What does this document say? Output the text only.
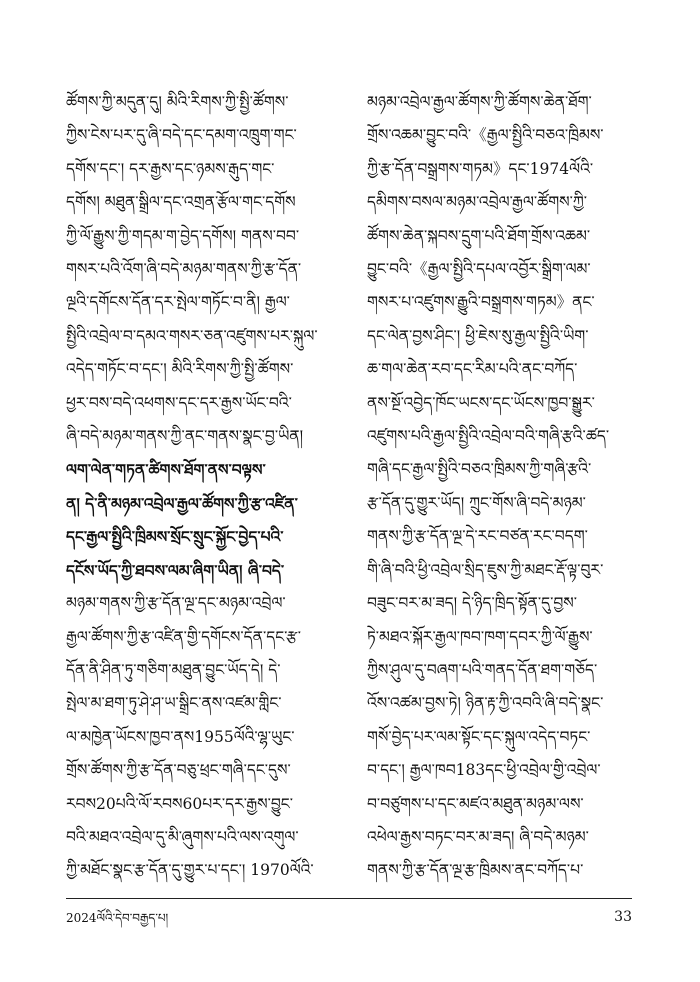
ཚོགས་ཀྱི་མདུན་དུ། མིའི་རིགས་ཀྱི་སྤྱི་ཚོགས་
ཀྱིས་ངེས་པར་དུ་ཞི་བདེ་དང་དམག་འཁྲུག་གང་
དགོས་དང་། དར་རྒྱས་དང་ཉམས་རྒུད་གང་
དགོས། མཐུན་སྒྲིལ་དང་འགྲན་རྩོལ་གང་དགོས
ཀྱི་ལོ་རྒྱུས་ཀྱི་གདམ་ག་བྱེད་དགོས། གནས་བབ་
གསར་པའི་འོག་ཞི་བདེ་མཉམ་གནས་ཀྱི་རྩ་དོན་
ལྔའི་དགོངས་དོན་དར་སྤེལ་གཏོང་བ་ནི། རྒྱལ་
སྤྱིའི་འབྲེལ་བ་དམའ་གསར་ཅན་འཛུགས་པར་སྐུལ་
འདེད་གཏོང་བ་དང་། མིའི་རིགས་ཀྱི་སྤྱི་ཚོགས་
ཕྱར་བས་བདེ་འཕགས་དང་དར་རྒྱས་ཡོང་བའི་
ཞི་བདེ་མཉམ་གནས་ཀྱི་ནང་གནས་སྣང་བྱ་ཡིན།
ལག་ལེན་གཏན་ཚིགས་ཐོག་ནས་བལྟས་
ན། དེ་ནི་མཉམ་འབྲེལ་རྒྱལ་ཚོགས་ཀྱི་རྩ་འཛིན་
དང་རྒྱལ་སྤྱིའི་ཁྲིམས་སྲོང་སྲུང་སྐྱོང་བྱེད་པའི་
དངོས་ཡོད་ཀྱི་ཐབས་ལམ་ཞིག་ཡིན། ཞི་བདེ་
མཉམ་གནས་ཀྱི་རྩ་དོན་ལྔ་དང་མཉམ་འབྲེལ་
རྒྱལ་ཚོགས་ཀྱི་རྩ་འཛིན་གྱི་དགོངས་དོན་དང་རྩ་
དོན་ནི་ཤིན་ཏུ་གཅིག་མཐུན་བྱུང་ཡོད་དེ། དེ་
སྤེལ་མ་ཐག་ཏུ་ཤེ་ཤ་ཡ་སྒྲིང་ནས་འཛམ་གླིང་
ལ་མཁྱེན་ཡོངས་ཁྱབ་ནས1955ལོའི་ལྷ་ཡུང་
གྲོས་ཚོགས་ཀྱི་རྩ་དོན་བཅུ་ཕྲང་གཞི་དང་དུས་
རབས20པའི་ལོ་རབས60པར་དར་རྒྱས་བྱུང་
བའི་མཐའ་འབྲེལ་དུ་མི་ཞུགས་པའི་ལས་འགུལ་
ཀྱི་མཐོང་སྣང་རྩ་དོན་དུ་གྱུར་པ་དང་། 1970ལོའི་
མཉམ་འབྲེལ་རྒྱལ་ཚོགས་ཀྱི་ཚོགས་ཆེན་ཐོག་
གྲོས་འཆམ་བྱུང་བའི་《རྒྱལ་སྤྱིའི་བཅའ་ཁྲིམས་
ཀྱི་རྩ་དོན་བསྒྲགས་གཏམ》དང་1974ལོའི་
དམིགས་བསལ་མཉམ་འབྲེལ་རྒྱལ་ཚོགས་ཀྱི་
ཚོགས་ཆེན་སྐབས་དྲུག་པའི་ཐོག་གྲོས་འཆམ་
བྱུང་བའི་《རྒྱལ་སྤྱིའི་དཔལ་འབྱོར་སྒྲིག་ལམ་
གསར་པ་འཛུགས་རྒྱུའི་བསྒྲགས་གཏམ》ནང་
དང་ལེན་བྱས་ཤིང་། ཕྱི་ཇེས་སུ་རྒྱལ་སྤྱིའི་ཡིག་
ཆ་གལ་ཆེན་རབ་དང་རིམ་པའི་ནང་བཀོད་
ནས་སྔོ་འབྱེད་ཁོང་ཡངས་དང་ཡོངས་ཁྱབ་སྒྱུར་
འཛུགས་པའི་རྒྱལ་སྤྱིའི་འབྲེལ་བའི་གཞི་རྩའི་ཚད་
གཞི་དང་རྒྱལ་སྤྱིའི་བཅའ་ཁྲིམས་ཀྱི་གཞི་རྩའི་
རྩ་དོན་དུ་གྱུར་ཡོད། ཀྲུང་གོས་ཞི་བདེ་མཉམ་
གནས་ཀྱི་རྩ་དོན་ལྔ་དེ་རང་བཙན་རང་བདག་
གི་ཞི་བའི་ཕྱི་འབྲེལ་སྲིད་ཇུས་ཀྱི་མཐང་རྡོ་ལྟ་བུར་
བཟུང་བར་མ་ཟད། དེ་ཉིད་ཁྲིད་སྟོན་དུ་བྱས་
ཏེ་མཐའ་སྐོར་རྒྱལ་ཁབ་ཁག་དབར་ཀྱི་ལོ་རྒྱུས་
ཀྱིས་ཤུལ་དུ་བཞག་པའི་གནད་དོན་ཐག་གཅོད་
འོས་འཚམ་བྱས་ཏེ། ཉིན་རྟ་ཀྱི་འབའི་ཞི་བདེ་སྣང་
གསོ་བྱེད་པར་ལམ་སྟོང་དང་སྐུལ་འདེད་བཏང་
བ་དང་། རྒྱལ་ཁབ183དང་ཕྱི་འབྲེལ་གྱི་འབྲེལ་
བ་བཙུགས་པ་དང་མཛའ་མཐུན་མཉམ་ལས་
འཕེལ་རྒྱས་བཏང་བར་མ་ཟད། ཞི་བདེ་མཉམ་
གནས་ཀྱི་རྩ་དོན་ལྔ་རྩ་ཁྲིམས་ནང་བཀོད་པ་
2024ལོའི་དེབ་བརྒྱད་པ།	33
